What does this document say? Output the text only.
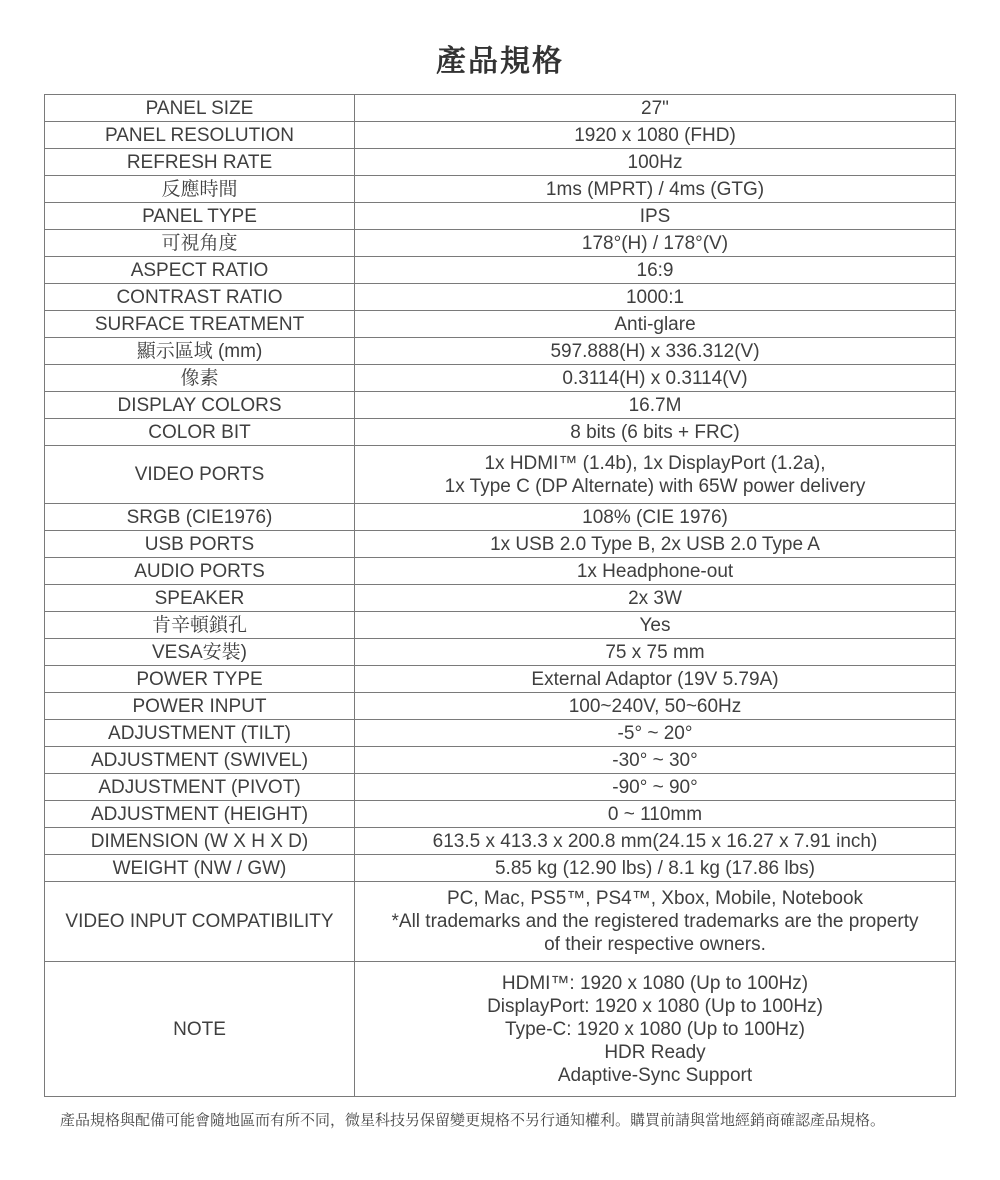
產品規格
PANEL SIZE	27"
PANEL RESOLUTION	1920 x 1080 (FHD)
REFRESH RATE	100Hz
反應時間	1ms (MPRT) / 4ms (GTG)
PANEL TYPE	IPS
可視角度	178°(H) / 178°(V)
ASPECT RATIO	16:9
CONTRAST RATIO	1000:1
SURFACE TREATMENT	Anti-glare
顯示區域 (mm)	597.888(H) x 336.312(V)
像素	0.3114(H) x 0.3114(V)
DISPLAY COLORS	16.7M
COLOR BIT	8 bits (6 bits + FRC)
VIDEO PORTS	1x HDMI™ (1.4b), 1x DisplayPort (1.2a),
1x Type C (DP Alternate) with 65W power delivery
SRGB (CIE1976)	108% (CIE 1976)
USB PORTS	1x USB 2.0 Type B, 2x USB 2.0 Type A
AUDIO PORTS	1x Headphone-out
SPEAKER	2x 3W
肯辛頓鎖孔	Yes
VESA安裝)	75 x 75 mm
POWER TYPE	External Adaptor (19V 5.79A)
POWER INPUT	100~240V, 50~60Hz
ADJUSTMENT (TILT)	-5° ~ 20°
ADJUSTMENT (SWIVEL)	-30° ~ 30°
ADJUSTMENT (PIVOT)	-90° ~ 90°
ADJUSTMENT (HEIGHT)	0 ~ 110mm
DIMENSION (W X H X D)	613.5 x 413.3 x 200.8 mm(24.15 x 16.27 x 7.91 inch)
WEIGHT (NW / GW)	5.85 kg (12.90 lbs) / 8.1 kg (17.86 lbs)
VIDEO INPUT COMPATIBILITY	PC, Mac, PS5™, PS4™, Xbox, Mobile, Notebook
*All trademarks and the registered trademarks are the property
of their respective owners.
NOTE	HDMI™: 1920 x 1080 (Up to 100Hz)
DisplayPort: 1920 x 1080 (Up to 100Hz)
Type-C: 1920 x 1080 (Up to 100Hz)
HDR Ready
Adaptive-Sync Support
產品規格與配備可能會隨地區而有所不同，微星科技另保留變更規格不另行通知權利。購買前請與當地經銷商確認產品規格。
